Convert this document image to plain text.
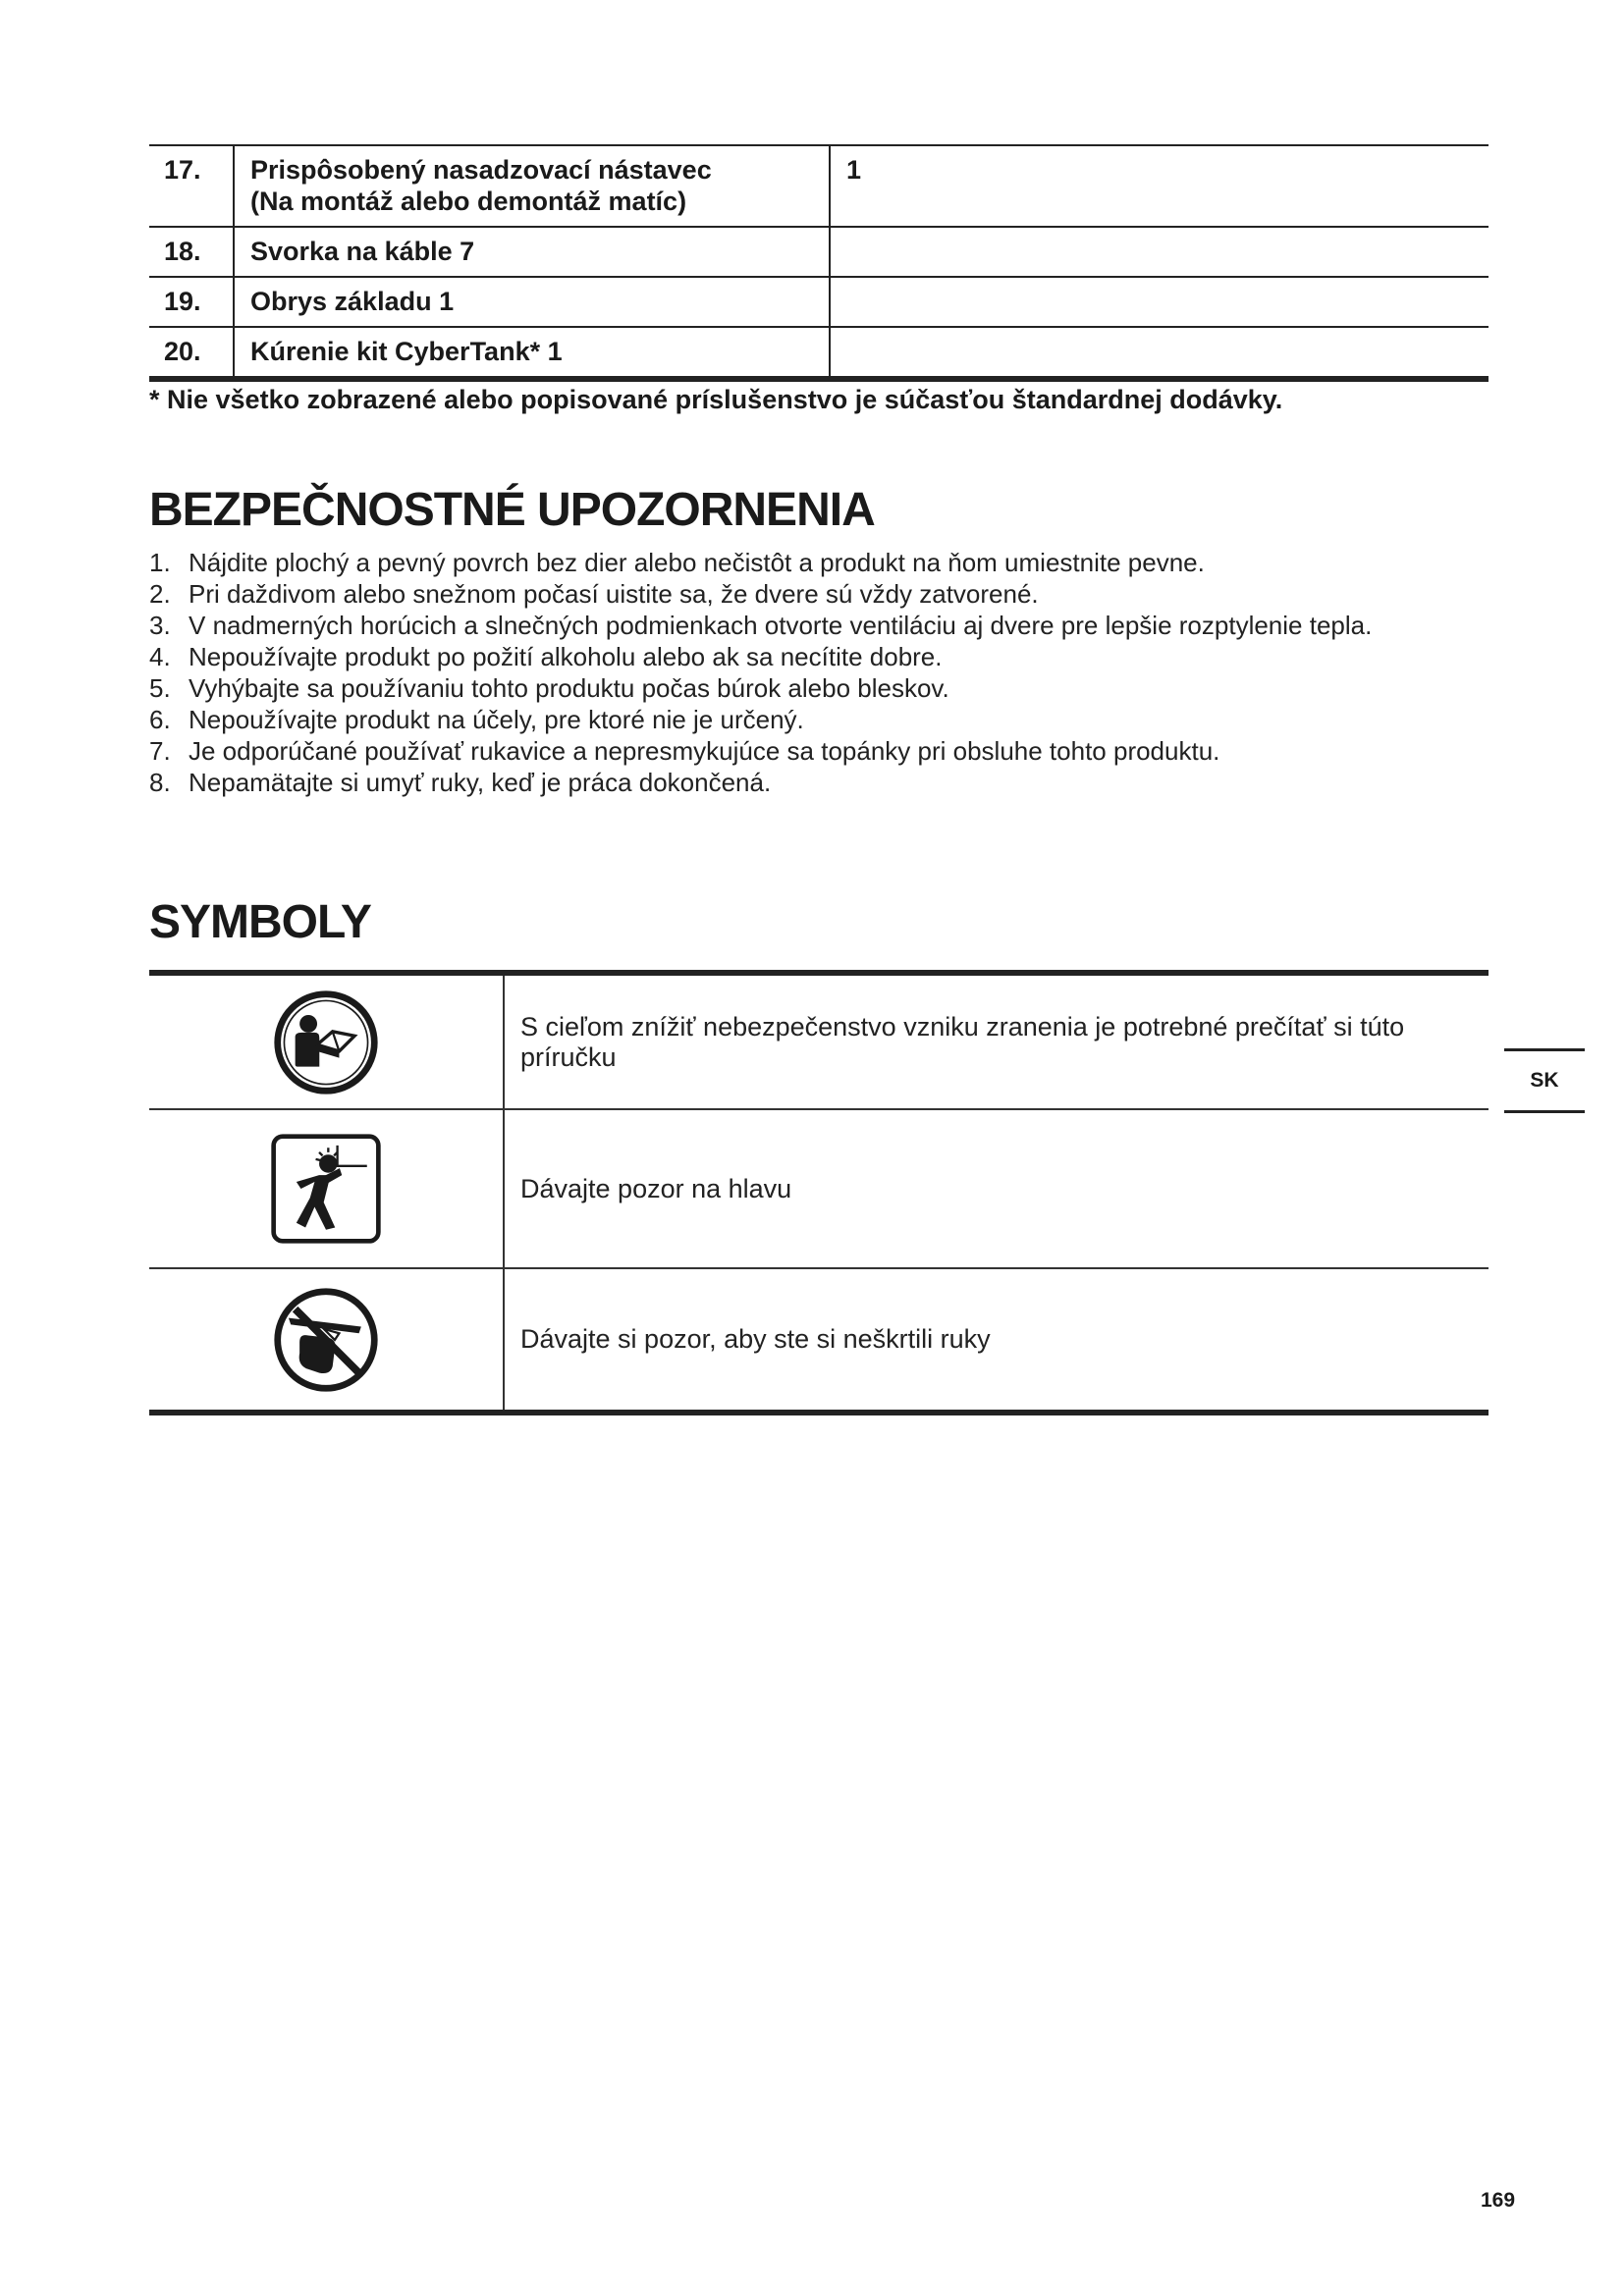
17.	Prispôsobený nasadzovací nástavec
(Na montáž alebo demontáž matíc)	1
18.	Svorka na káble 7	
19.	Obrys základu 1	
20.	Kúrenie kit CyberTank* 1	

* Nie všetko zobrazené alebo popisované príslušenstvo je súčasťou štandardnej dodávky.

BEZPEČNOSTNÉ UPOZORNENIA
1. Nájdite plochý a pevný povrch bez dier alebo nečistôt a produkt na ňom umiestnite pevne.
2. Pri daždivom alebo snežnom počasí uistite sa, že dvere sú vždy zatvorené.
3. V nadmerných horúcich a slnečných podmienkach otvorte ventiláciu aj dvere pre lepšie rozptylenie tepla.
4. Nepoužívajte produkt po požití alkoholu alebo ak sa necítite dobre.
5. Vyhýbajte sa používaniu tohto produktu počas búrok alebo bleskov.
6. Nepoužívajte produkt na účely, pre ktoré nie je určený.
7. Je odporúčané používať rukavice a nepresmykujúce sa topánky pri obsluhe tohto produktu.
8. Nepamätajte si umyť ruky, keď je práca dokončená.
SYMBOLY
	S cieľom znížiť nebezpečenstvo vzniku zranenia je potrebné prečítať si túto príručku
	Dávajte pozor na hlavu
	Dávajte si pozor, aby ste si neškrtili ruky
SK
169
